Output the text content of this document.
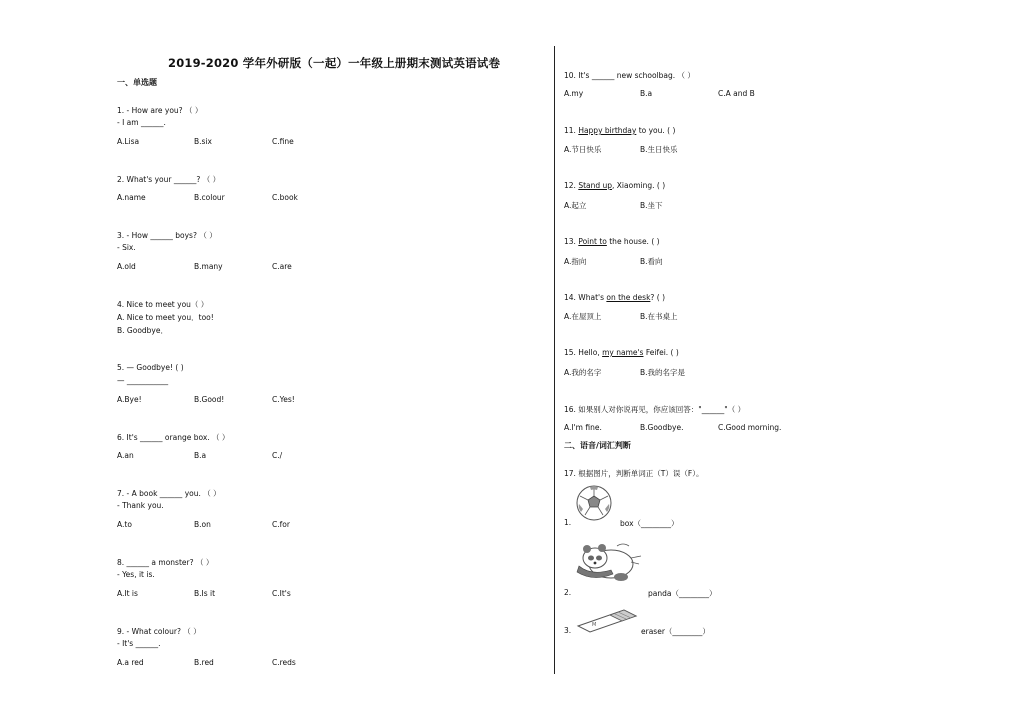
2019-2020 学年外研版（一起）一年级上册期末测试英语试卷
一、单选题
1. - How are you? （ ）
- I am ______.
A.Lisa	B.six	C.fine
2. What's your ______? （ ）
A.name	B.colour	C.book
3. - How ______ boys? （ ）
- Six.
A.old	B.many	C.are
4. Nice to meet you（ ）
A. Nice to meet you．too!
B. Goodbye．
5. — Goodbye! ( )
— ___________
A.Bye!	B.Good!	C.Yes!
6. It's ______ orange box. （ ）
A.an	B.a	C./
7. - A book ______ you. （ ）
- Thank you.
A.to	B.on	C.for
8. ______ a monster? （ ）
- Yes, it is.
A.It is	B.Is it	C.It's
9. - What colour? （ ）
- It's ______.
A.a red	B.red	C.reds
10. It's ______ new schoolbag. （ ）
A.my	B.a	C.A and B
11. Happy birthday to you. ( )
A.节日快乐	B.生日快乐
12. Stand up, Xiaoming. ( )
A.起立	B.坐下
13. Point to the house. ( )
A.指向	B.看向
14. What's on the desk? ( )
A.在屋顶上	B.在书桌上
15. Hello, my name's Feifei. ( )
A.我的名字	B.我的名字是
16. 如果别人对你说再见，你应该回答："______"（ ）
A.I'm fine.	B.Goodbye.	C.Good morning.
二、语音/词汇判断
17. 根据图片，判断单词正（T）误（F）。
1.	box（________）
2.	panda（________）
M
3.	eraser（________）
